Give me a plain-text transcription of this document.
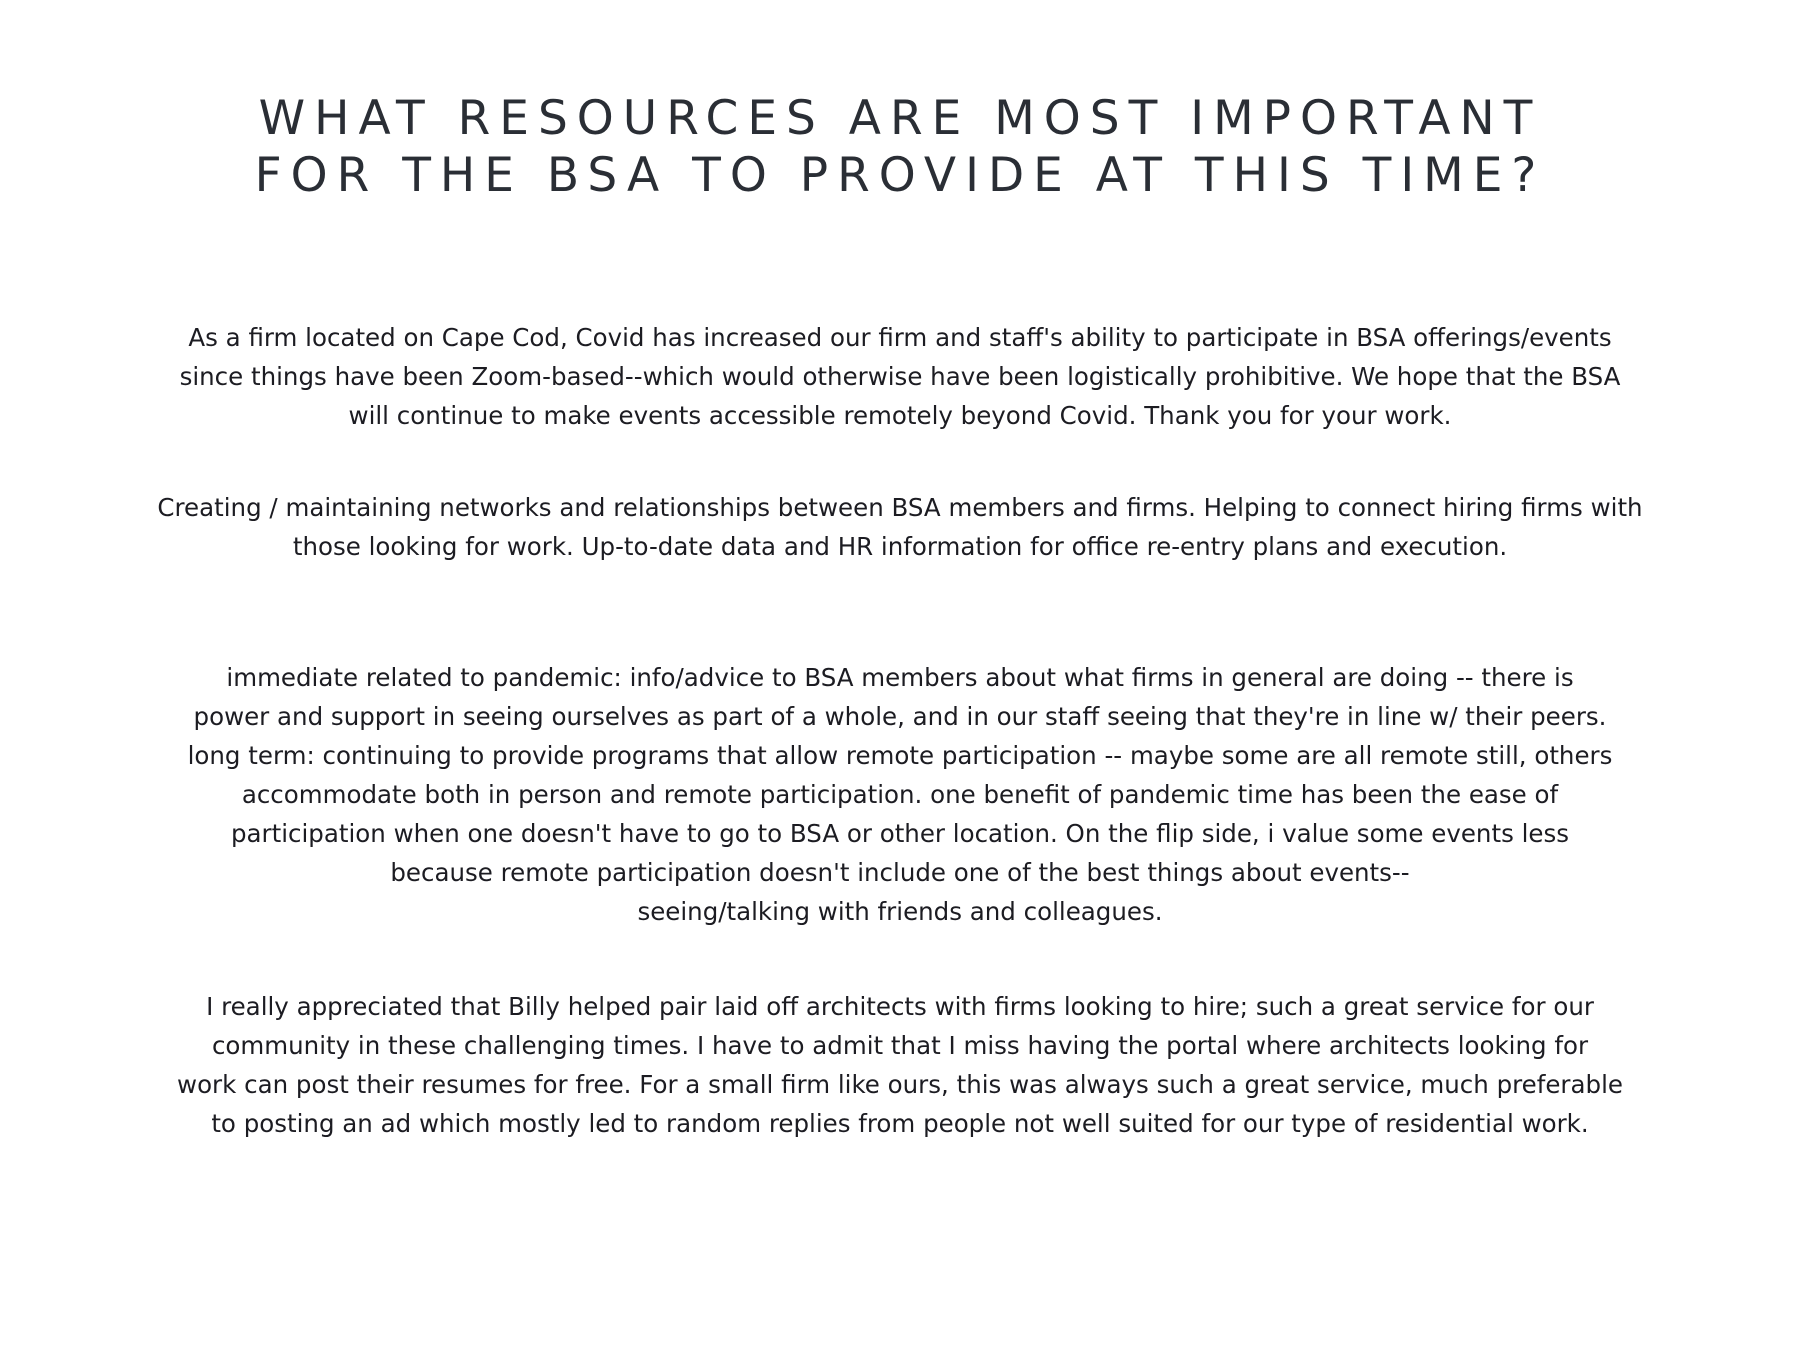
WHAT RESOURCES ARE MOST IMPORTANT
FOR THE BSA TO PROVIDE AT THIS TIME?

As a firm located on Cape Cod, Covid has increased our firm and staff's ability to participate in BSA offerings/events
since things have been Zoom-based--which would otherwise have been logistically prohibitive. We hope that the BSA
will continue to make events accessible remotely beyond Covid. Thank you for your work.

Creating / maintaining networks and relationships between BSA members and firms. Helping to connect hiring firms with
those looking for work. Up-to-date data and HR information for office re-entry plans and execution.

immediate related to pandemic: info/advice to BSA members about what firms in general are doing -- there is
power and support in seeing ourselves as part of a whole, and in our staff seeing that they're in line w/ their peers.
long term: continuing to provide programs that allow remote participation -- maybe some are all remote still, others
accommodate both in person and remote participation. one benefit of pandemic time has been the ease of
participation when one doesn't have to go to BSA or other location. On the flip side, i value some events less
because remote participation doesn't include one of the best things about events--
seeing/talking with friends and colleagues.

I really appreciated that Billy helped pair laid off architects with firms looking to hire; such a great service for our
community in these challenging times. I have to admit that I miss having the portal where architects looking for
work can post their resumes for free. For a small firm like ours, this was always such a great service, much preferable
to posting an ad which mostly led to random replies from people not well suited for our type of residential work.
